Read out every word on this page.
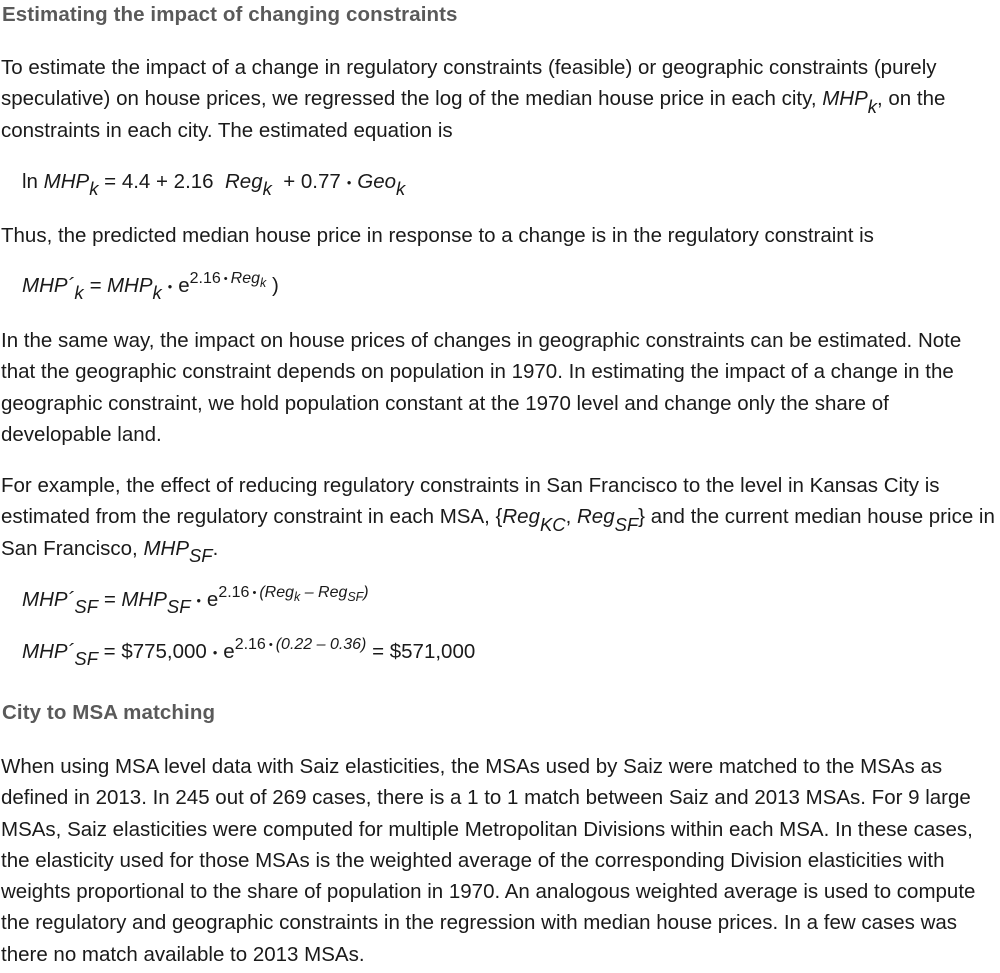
Estimating the impact of changing constraints

To estimate the impact of a change in regulatory constraints (feasible) or geographic constraints (purely speculative) on house prices, we regressed the log of the median house price in each city, MHPk, on the constraints in each city. The estimated equation is

ln MHPk = 4.4 + 2.16 Regk + 0.77 • Geok

Thus, the predicted median house price in response to a change is in the regulatory constraint is

MHP´k = MHPk • $e^{2.16 • Reg_k}$ )

In the same way, the impact on house prices of changes in geographic constraints can be estimated. Note that the geographic constraint depends on population in 1970. In estimating the impact of a change in the geographic constraint, we hold population constant at the 1970 level and change only the share of developable land.

For example, the effect of reducing regulatory constraints in San Francisco to the level in Kansas City is estimated from the regulatory constraint in each MSA, {RegKC, RegSF} and the current median house price in San Francisco, MHPSF.

MHP´SF = MHPSF • $e^{2.16 • (Reg_k - Reg_{SF})}$
MHP´SF = $775,000 • $e^{2.16 • (0.22 - 0.36)}$ = $571,000
City to MSA matching

When using MSA level data with Saiz elasticities, the MSAs used by Saiz were matched to the MSAs as defined in 2013. In 245 out of 269 cases, there is a 1 to 1 match between Saiz and 2013 MSAs. For 9 large MSAs, Saiz elasticities were computed for multiple Metropolitan Divisions within each MSA. In these cases, the elasticity used for those MSAs is the weighted average of the corresponding Division elasticities with weights proportional to the share of population in 1970. An analogous weighted average is used to compute the regulatory and geographic constraints in the regression with median house prices. In a few cases was there no match available to 2013 MSAs.
